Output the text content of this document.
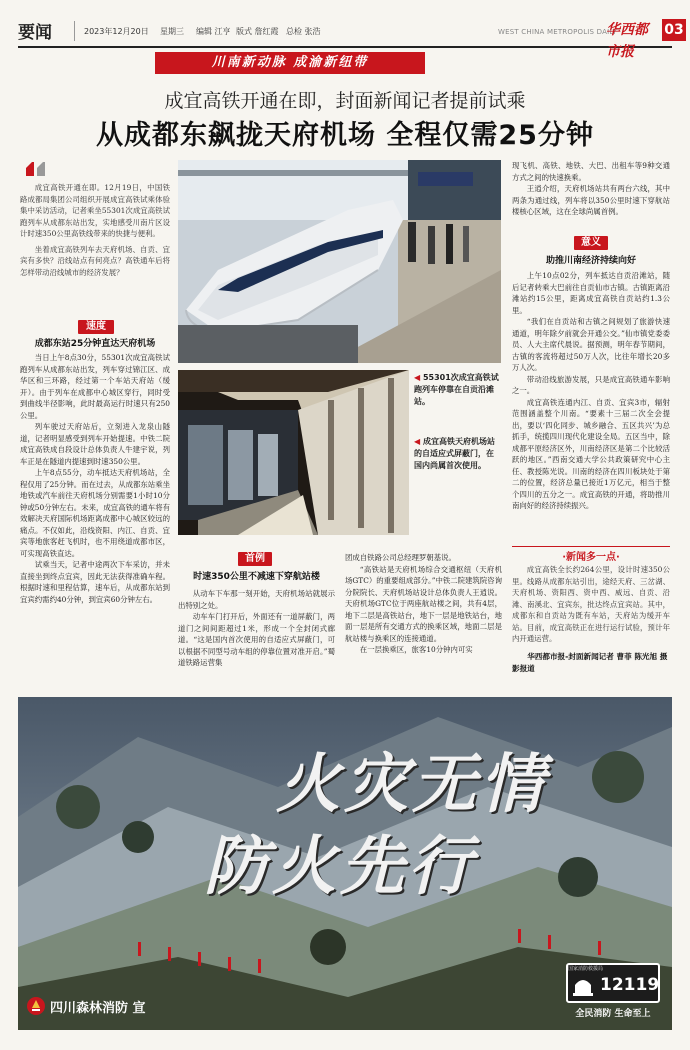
要闻	2023年12月20日 星期三 编辑 江亨 版式 詹红霞 总检 张浩	WEST CHINA METROPOLIS DAILY
华西都市报
03
川南新动脉 成渝新纽带
成宜高铁开通在即，封面新闻记者提前试乘
从成都东飙拢天府机场 全程仅需25分钟

成宜高铁开通在即。12月19日，中国铁路成都局集团公司组织开展成宜高铁试乘体验集中采访活动，记者乘坐55301次成宜高铁试跑列车从成都东站出发，实地感受川南片区设计时速350公里高铁线带来的快捷与便利。

坐着成宜高铁列车去天府机场、自贡、宜宾有多快？沿线站点有何亮点？高铁通车后将怎样带动沿线城市的经济发展？

速度
成都东站25分钟直达天府机场

当日上午8点30分，55301次成宜高铁试跑列车从成都东站出发，列车穿过锦江区、成华区和三环路，经过第一个车站天府站（缓开）。由于列车在成都中心城区穿行，同时受到曲线半径影响，此时最高运行时速只有250公里。

列车驶过天府站后，立刻进入龙泉山隧道，记者明显感受到列车开始提速。中铁二院成宜高铁成自段设计总体负责人牛建宇说，列车正是在隧道内提速到时速350公里。

上午8点55分，动车抵达天府机场站，全程仅用了25分钟。而在过去，从成都东站乘坐地铁或汽车前往天府机场分别需要1小时10分钟或50分钟左右。未来，成宜高铁的通车将有效解决天府国际机场距离成都中心城区较远的痛点。不仅如此，沿线资阳、内江、自贡、宜宾等地旅客赶飞机时，也不用绕道成都市区，可实现高铁直达。

试乘当天，记者中途两次下车采访，并未直接坐到终点宜宾，因此无法获得准确车程。根据时速和里程估算，速车后，从成都东站到宜宾约需约40分钟，到宜宾60分钟左右。

◀ 55301次成宜高铁试跑列车停靠在自贡沿滩站。
◀ 成宜高铁天府机场站的自适应式屏蔽门，在国内尚属首次使用。
首例
时速350公里不减速下穿航站楼

从动车下车那一刻开始，天府机场站就展示出特别之处。

动车车门打开后，外面还有一道屏蔽门，两道门之间间距超过1米，形成一个全封闭式廊道。“这是国内首次使用的自适应式屏蔽门，可以根据不同型号动车组的停靠位置对准开启。”蜀道铁路运营集

团成自铁路公司总经理罗朝基说。

“高铁站是天府机场综合交通枢纽（天府机场GTC）的重要组成部分。”中铁二院建筑院咨询分院院长、天府机场站设计总体负责人王逍说。天府机场GTC位于两座航站楼之间，共有4层，地下二层是高铁站台，地下一层是地铁站台，地面一层是所有交通方式的换乘区域，地面二层是航站楼与换乘区的连接通道。

在一层换乘区，旅客10分钟内可实

现飞机、高铁、地铁、大巴、出租车等9种交通方式之间的快速换乘。

王逍介绍，天府机场站共有两台六线，其中两条为通过线，列车将以350公里时速下穿航站楼核心区域，这在全球尚属首例。

意义
助推川南经济持续向好

上午10点02分，列车抵达自贡沿滩站，随后记者转乘大巴前往自贡仙市古镇。古镇距离沿滩站约15公里，距离成宜高铁自贡站约1.3公里。

“我们在自贡站和古镇之间规划了旅游快速通道，明年除夕前就会开通公交。”仙市镇党委委员、人大主席代晨说。据预测，明年春节期间，古镇的客流将超过50万人次，比往年增长20多万人次。

带动沿线旅游发展，只是成宜高铁通车影响之一。

成宜高铁连通内江、自贡、宜宾3市，辐射范围涵盖整个川南。“要素十三届二次全会提出，要以‘四化同步、城乡融合、五区共兴’为总抓手，统揽四川现代化建设全局。五区当中，除成都平原经济区外，川南经济区是第二个比较活跃的地区。”西南交通大学公共政策研究中心主任、教授陈光说。川南的经济在四川板块处于第二的位置，经济总量已接近1万亿元，相当于整个四川的五分之一。成宜高铁的开通，将助推川南向好的经济持续振兴。

·新闻多一点·

成宜高铁全长约264公里，设计时速350公里。线路从成都东站引出，途经天府、三岔湖、天府机场、资阳西、资中西、威远、自贡、沿滩、南溪北、宜宾东，批达终点宜宾站。其中，成都东和自贡站为既有车站，天府站为缓开车站。目前，成宜高铁正在进行运行试验，预计年内开通运营。

华西都市报-封面新闻记者 曹菲 陈光旭 摄影报道
火灾无情
防火先行
四川森林消防 宣
国家消防救援局
12119
全民消防 生命至上
